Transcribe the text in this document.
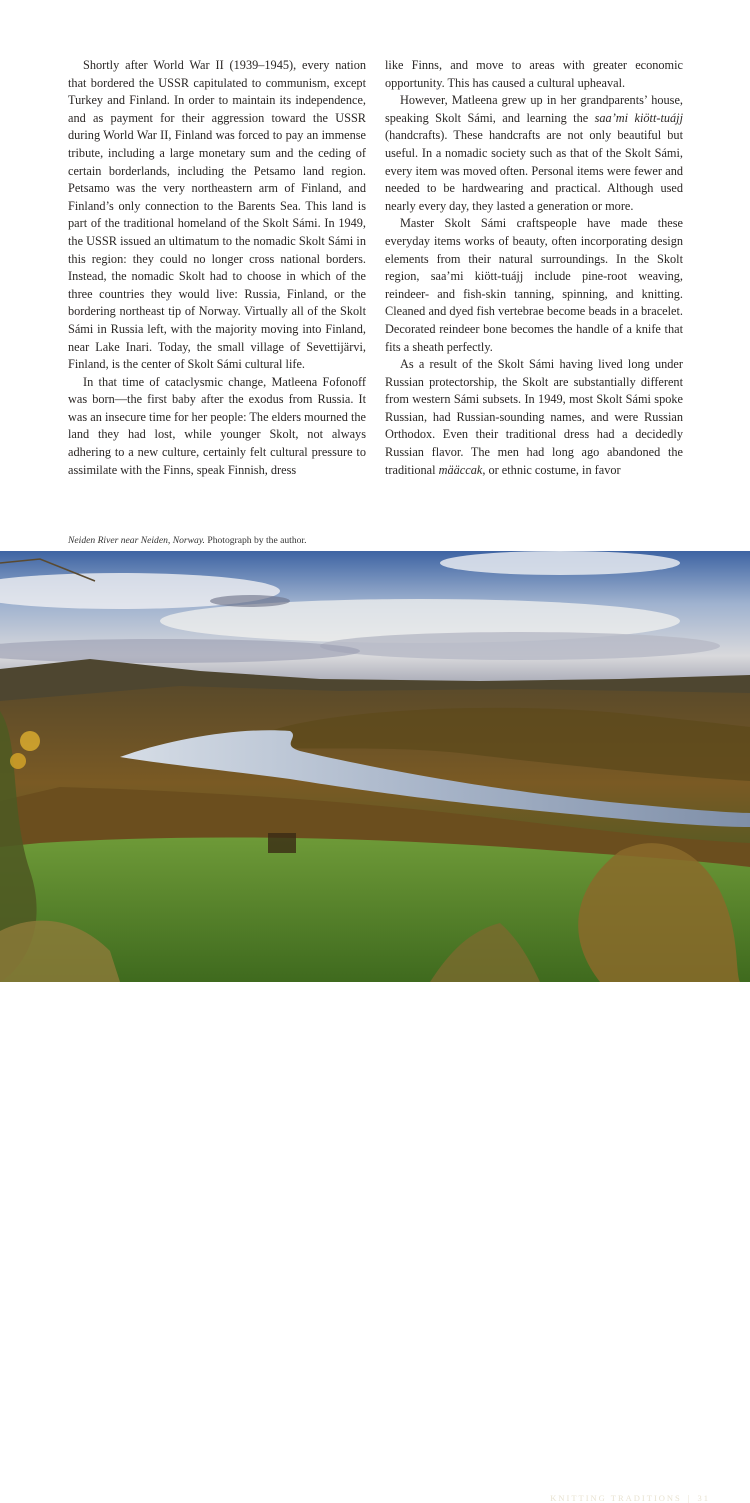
Shortly after World War II (1939–1945), every nation that bordered the USSR capitulated to communism, except Turkey and Finland. In order to maintain its independence, and as payment for their aggression toward the USSR during World War II, Finland was forced to pay an immense tribute, including a large monetary sum and the ceding of certain borderlands, including the Petsamo land region. Petsamo was the very northeastern arm of Finland, and Finland’s only connection to the Barents Sea. This land is part of the traditional homeland of the Skolt Sámi. In 1949, the USSR issued an ultimatum to the nomadic Skolt Sámi in this region: they could no longer cross national borders. Instead, the nomadic Skolt had to choose in which of the three countries they would live: Russia, Finland, or the bordering northeast tip of Norway. Virtually all of the Skolt Sámi in Russia left, with the majority moving into Finland, near Lake Inari. Today, the small village of Sevettijärvi, Finland, is the center of Skolt Sámi cultural life.

In that time of cataclysmic change, Matleena Fofonoff was born—the first baby after the exodus from Russia. It was an insecure time for her people: The elders mourned the land they had lost, while younger Skolt, not always adhering to a new culture, certainly felt cultural pressure to assimilate with the Finns, speak Finnish, dress

like Finns, and move to areas with greater economic opportunity. This has caused a cultural upheaval.

However, Matleena grew up in her grandparents’ house, speaking Skolt Sámi, and learning the saa’mi kiött-tuájj (handcrafts). These handcrafts are not only beautiful but useful. In a nomadic society such as that of the Skolt Sámi, every item was moved often. Personal items were fewer and needed to be hardwearing and practical. Although used nearly every day, they lasted a generation or more.

Master Skolt Sámi craftspeople have made these everyday items works of beauty, often incorporating design elements from their natural surroundings. In the Skolt region, saa’mi kiött-tuájj include pine-root weaving, reindeer- and fish-skin tanning, spinning, and knitting. Cleaned and dyed fish vertebrae become beads in a bracelet. Decorated reindeer bone becomes the handle of a knife that fits a sheath perfectly.

As a result of the Skolt Sámi having lived long under Russian protectorship, the Skolt are substantially different from western Sámi subsets. In 1949, most Skolt Sámi spoke Russian, had Russian-sounding names, and were Russian Orthodox. Even their traditional dress had a decidedly Russian flavor. The men had long ago abandoned the traditional määccak, or ethnic costume, in favor

Neiden River near Neiden, Norway. Photograph by the author.
KNITTING TRADITIONS | 31
